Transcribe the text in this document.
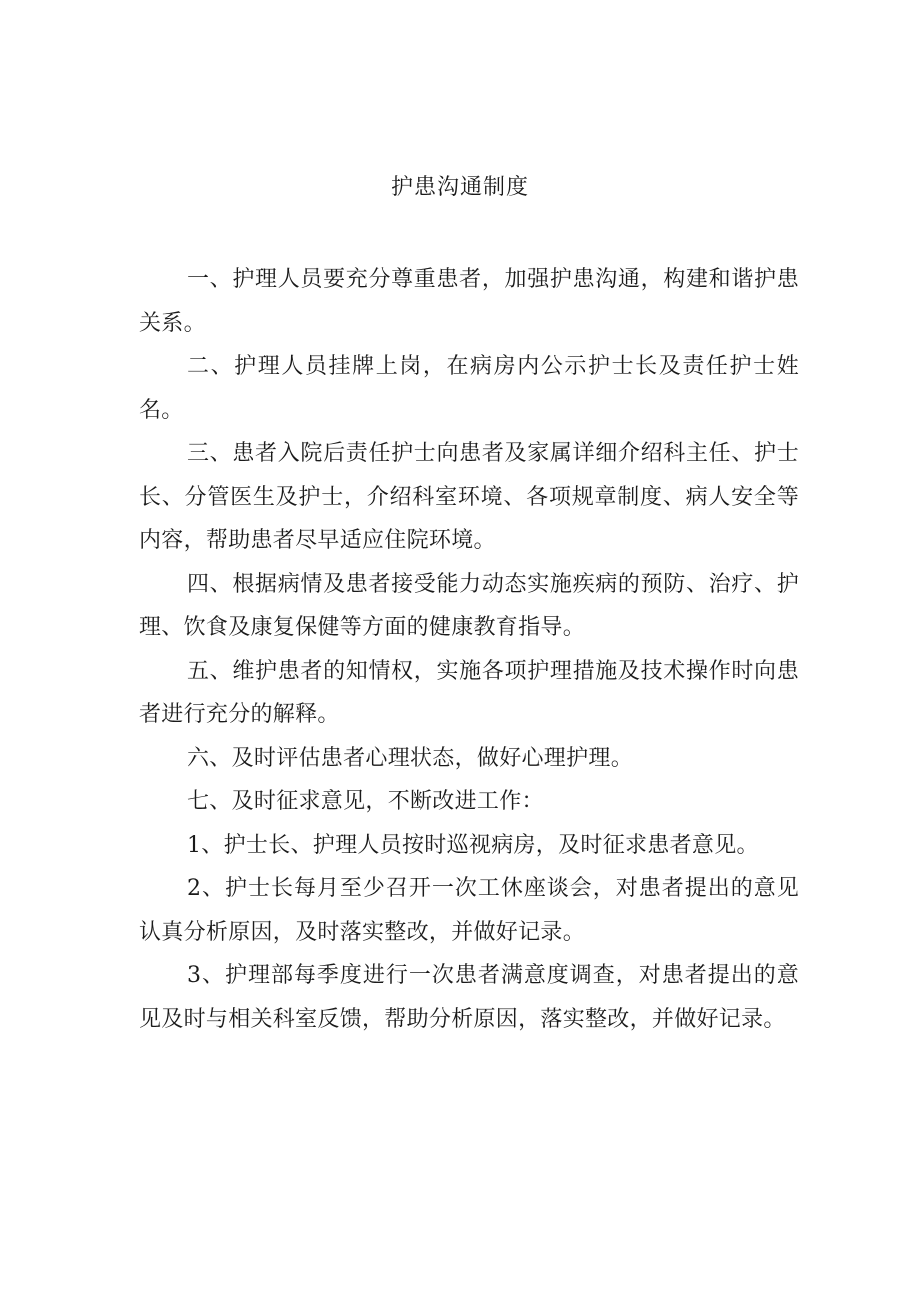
护患沟通制度

一、护理人员要充分尊重患者，加强护患沟通，构建和谐护患关系。

二、护理人员挂牌上岗，在病房内公示护士长及责任护士姓名。

三、患者入院后责任护士向患者及家属详细介绍科主任、护士长、分管医生及护士，介绍科室环境、各项规章制度、病人安全等内容，帮助患者尽早适应住院环境。

四、根据病情及患者接受能力动态实施疾病的预防、治疗、护理、饮食及康复保健等方面的健康教育指导。

五、维护患者的知情权，实施各项护理措施及技术操作时向患者进行充分的解释。

六、及时评估患者心理状态，做好心理护理。

七、及时征求意见，不断改进工作：

1、护士长、护理人员按时巡视病房，及时征求患者意见。

2、护士长每月至少召开一次工休座谈会，对患者提出的意见认真分析原因，及时落实整改，并做好记录。

3、护理部每季度进行一次患者满意度调查，对患者提出的意见及时与相关科室反馈，帮助分析原因，落实整改，并做好记录。
